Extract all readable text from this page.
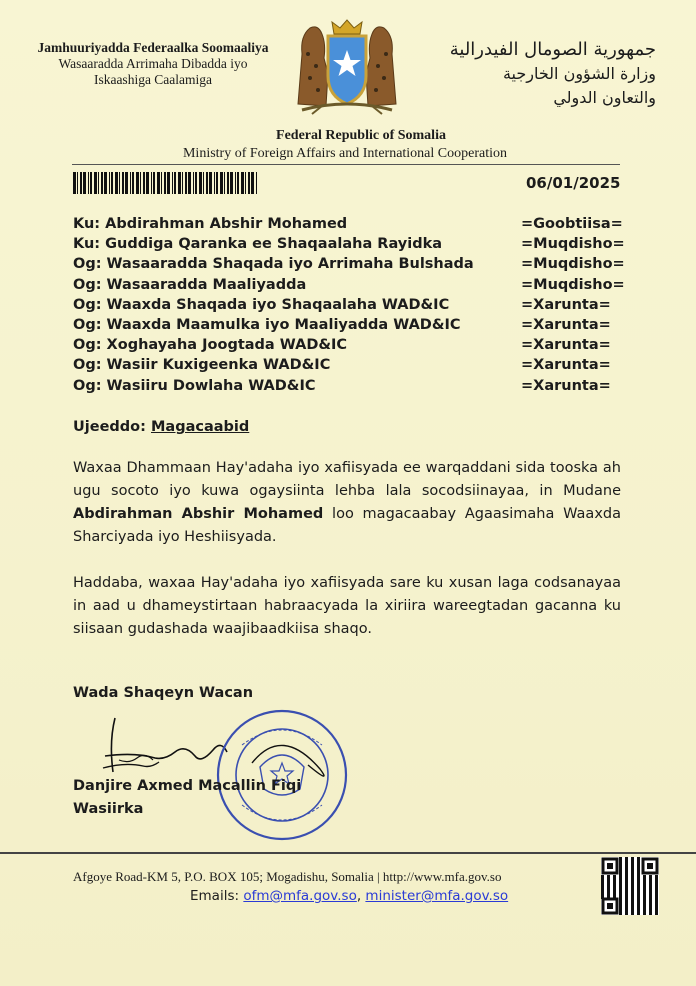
Jamhuuriyadda Federaalka Soomaaliya
Wasaaradda Arrimaha Dibadda iyo
Iskaashiga Caalamiga
جمهورية الصومال الفيدرالية
وزارة الشؤون الخارجية
والتعاون الدولي
Federal Republic of Somalia
Ministry of Foreign Affairs and International Cooperation
06/01/2025
Ku: Abdirahman Abshir Mohamed	=Goobtiisa=
Ku: Guddiga Qaranka ee Shaqaalaha Rayidka	=Muqdisho=
Og: Wasaaradda Shaqada iyo Arrimaha Bulshada	=Muqdisho=
Og: Wasaaradda Maaliyadda	=Muqdisho=
Og: Waaxda Shaqada iyo Shaqaalaha WAD&IC	=Xarunta=
Og: Waaxda Maamulka iyo Maaliyadda WAD&IC	=Xarunta=
Og: Xoghayaha Joogtada WAD&IC	=Xarunta=
Og: Wasiir Kuxigeenka WAD&IC	=Xarunta=
Og: Wasiiru Dowlaha WAD&IC	=Xarunta=
Ujeeddo: Magacaabid
Waxaa Dhammaan Hay'adaha iyo xafiisyada ee warqaddani sida tooska ah ugu socoto iyo kuwa ogaysiinta lehba lala socodsiinayaa, in Mudane Abdirahman Abshir Mohamed loo magacaabay Agaasimaha Waaxda Sharciyada iyo Heshiisyada.
Haddaba, waxaa Hay'adaha iyo xafiisyada sare ku xusan laga codsanayaa in aad u dhameystirtaan habraacyada la xiriira wareegtadan gacanna ku siisaan gudashada waajibaadkiisa shaqo.
Wada Shaqeyn Wacan
Danjire Axmed Macallin Fiqi
Wasiirka
Afgoye Road-KM 5, P.O. BOX 105; Mogadishu, Somalia | http://www.mfa.gov.so
Emails: ofm@mfa.gov.so, minister@mfa.gov.so
